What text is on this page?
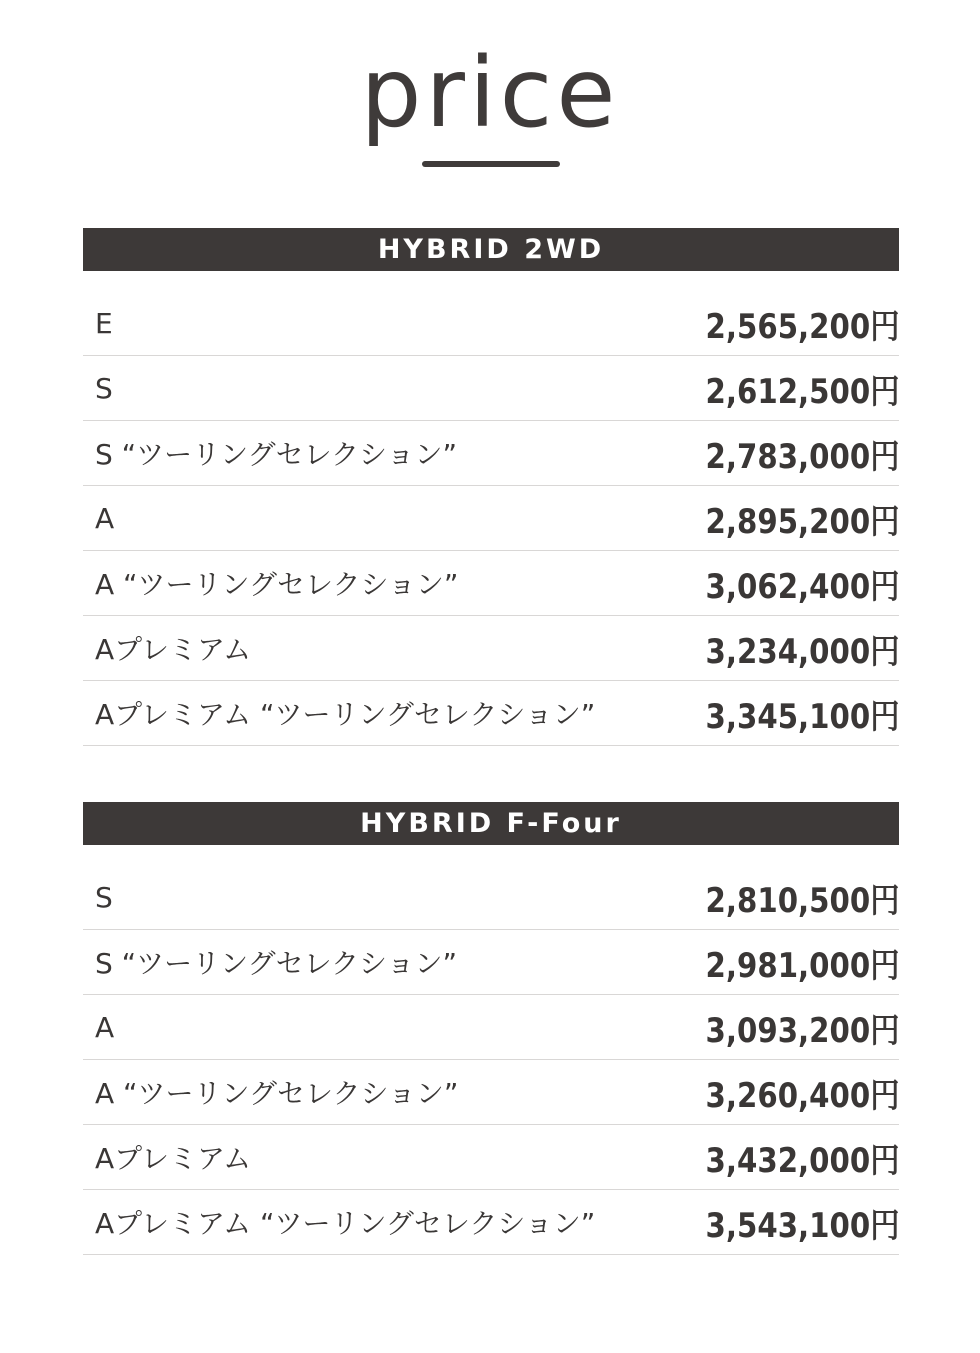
price
HYBRID 2WD
E	2,565,200円
S	2,612,500円
S “ツーリングセレクション”	2,783,000円
A	2,895,200円
A “ツーリングセレクション”	3,062,400円
Aプレミアム	3,234,000円
Aプレミアム “ツーリングセレクション”	3,345,100円
HYBRID F-Four
S	2,810,500円
S “ツーリングセレクション”	2,981,000円
A	3,093,200円
A “ツーリングセレクション”	3,260,400円
Aプレミアム	3,432,000円
Aプレミアム “ツーリングセレクション”	3,543,100円
